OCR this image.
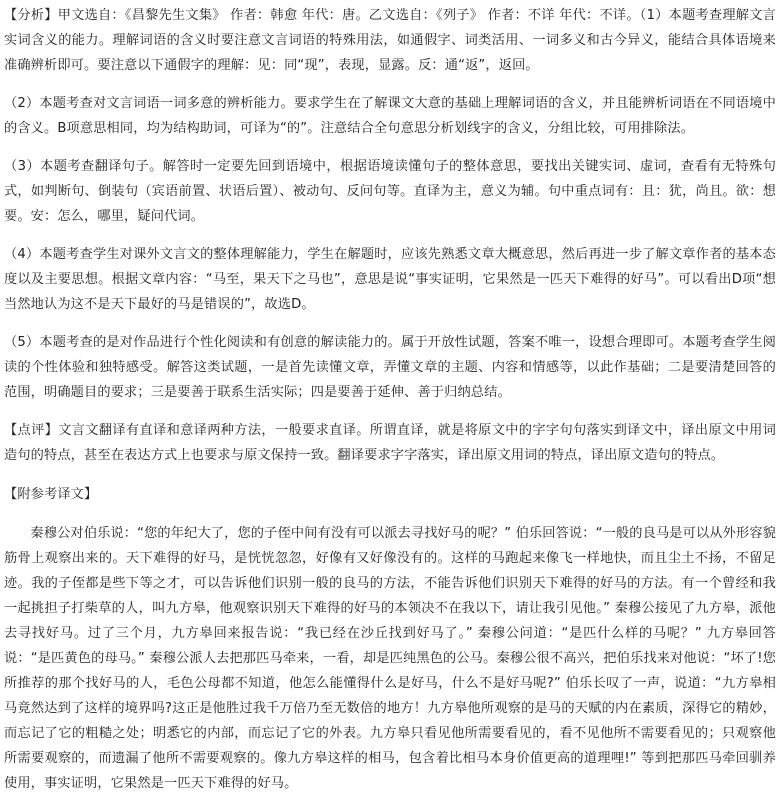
【分析】甲文选自：《昌黎先生文集》 作者：韩愈 年代：唐。乙文选自：《列子》 作者：不详 年代：不详。（1）本题考查理解文言实词含义的能力。理解词语的含义时要注意文言词语的特殊用法，如通假字、词类活用、一词多义和古今异义，能结合具体语境来准确辨析即可。要注意以下通假字的理解：见：同“现”，表现，显露。反：通“返”，返回。

（2）本题考查对文言词语一词多意的辨析能力。要求学生在了解课文大意的基础上理解词语的含义，并且能辨析词语在不同语境中的含义。B项意思相同，均为结构助词，可译为“的”。注意结合全句意思分析划线字的含义，分组比较，可用排除法。

（3）本题考查翻译句子。解答时一定要先回到语境中，根据语境读懂句子的整体意思，要找出关键实词、虚词，查看有无特殊句式，如判断句、倒装句（宾语前置、状语后置）、被动句、反问句等。直译为主，意义为辅。句中重点词有：且：犹，尚且。欲：想要。安：怎么，哪里，疑问代词。

（4）本题考查学生对课外文言文的整体理解能力，学生在解题时，应该先熟悉文章大概意思，然后再进一步了解文章作者的基本态度以及主要思想。根据文章内容：“马至，果天下之马也”，意思是说“事实证明，它果然是一匹天下难得的好马”。可以看出D项“想当然地认为这不是天下最好的马是错误的”，故选D。

（5）本题考查的是对作品进行个性化阅读和有创意的解读能力的。属于开放性试题，答案不唯一，设想合理即可。本题考查学生阅读的个性体验和独特感受。解答这类试题，一是首先读懂文章，弄懂文章的主题、内容和情感等，以此作基础；二是要清楚回答的范围，明确题目的要求；三是要善于联系生活实际；四是要善于延伸、善于归纳总结。

【点评】文言文翻译有直译和意译两种方法，一般要求直译。所谓直译，就是将原文中的字字句句落实到译文中，译出原文中用词造句的特点，甚至在表达方式上也要求与原文保持一致。翻译要求字字落实，译出原文用词的特点，译出原文造句的特点。

【附参考译文】

秦穆公对伯乐说：“您的年纪大了，您的子侄中间有没有可以派去寻找好马的呢？” 伯乐回答说：“一般的良马是可以从外形容貌筋骨上观察出来的。天下难得的好马，是恍恍忽忽，好像有又好像没有的。这样的马跑起来像飞一样地快，而且尘土不扬，不留足迹。我的子侄都是些下等之才，可以告诉他们识别一般的良马的方法，不能告诉他们识别天下难得的好马的方法。有一个曾经和我一起挑担子打柴草的人，叫九方皋，他观察识别天下难得的好马的本领决不在我以下，请让我引见他。” 秦穆公接见了九方皋，派他去寻找好马。过了三个月，九方皋回来报告说：“我已经在沙丘找到好马了。” 秦穆公问道：“是匹什么样的马呢？” 九方皋回答说：“是匹黄色的母马。” 秦穆公派人去把那匹马牵来，一看，却是匹纯黑色的公马。秦穆公很不高兴，把伯乐找来对他说：“坏了!您所推荐的那个找好马的人，毛色公母都不知道，他怎么能懂得什么是好马，什么不是好马呢?” 伯乐长叹了一声，说道：“九方皋相马竟然达到了这样的境界吗?这正是他胜过我千万倍乃至无数倍的地方！九方皋他所观察的是马的天赋的内在素质，深得它的精妙，而忘记了它的粗糙之处；明悉它的内部，而忘记了它的外表。九方皋只看见他所需要看见的，看不见他所不需要看见的；只观察他所需要观察的，而遗漏了他所不需要观察的。像九方皋这样的相马，包含着比相马本身价值更高的道理哩!” 等到把那匹马牵回驯养使用，事实证明，它果然是一匹天下难得的好马。
